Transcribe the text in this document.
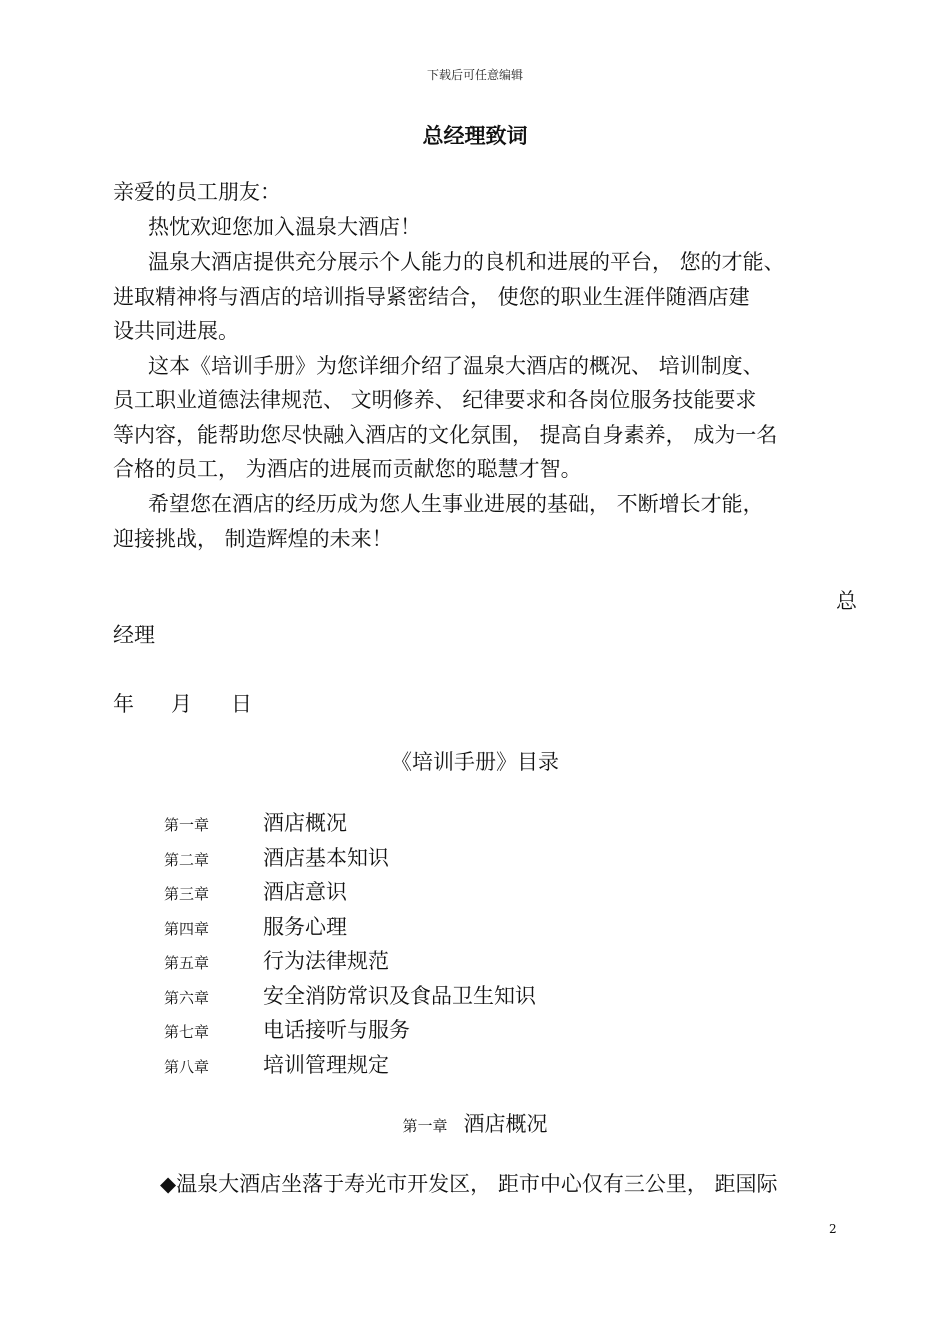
下载后可任意编辑
总经理致词
亲爱的员工朋友：
热忱欢迎您加入温泉大酒店！
温泉大酒店提供充分展示个人能力的良机和进展的平台， 您的才能、
进取精神将与酒店的培训指导紧密结合， 使您的职业生涯伴随酒店建
设共同进展。
这本《培训手册》为您详细介绍了温泉大酒店的概况、 培训制度、
员工职业道德法律规范、 文明修养、 纪律要求和各岗位服务技能要求
等内容，能帮助您尽快融入酒店的文化氛围， 提高自身素养， 成为一名
合格的员工， 为酒店的进展而贡献您的聪慧才智。
希望您在酒店的经历成为您人生事业进展的基础， 不断增长才能，
迎接挑战， 制造辉煌的未来！
总
经理
年 月 日
《培训手册》目录
第一章	酒店概况
第二章	酒店基本知识
第三章	酒店意识
第四章	服务心理
第五章	行为法律规范
第六章	安全消防常识及食品卫生知识
第七章	电话接听与服务
第八章	培训管理规定
第一章 酒店概况
◆温泉大酒店坐落于寿光市开发区， 距市中心仅有三公里， 距国际
2
